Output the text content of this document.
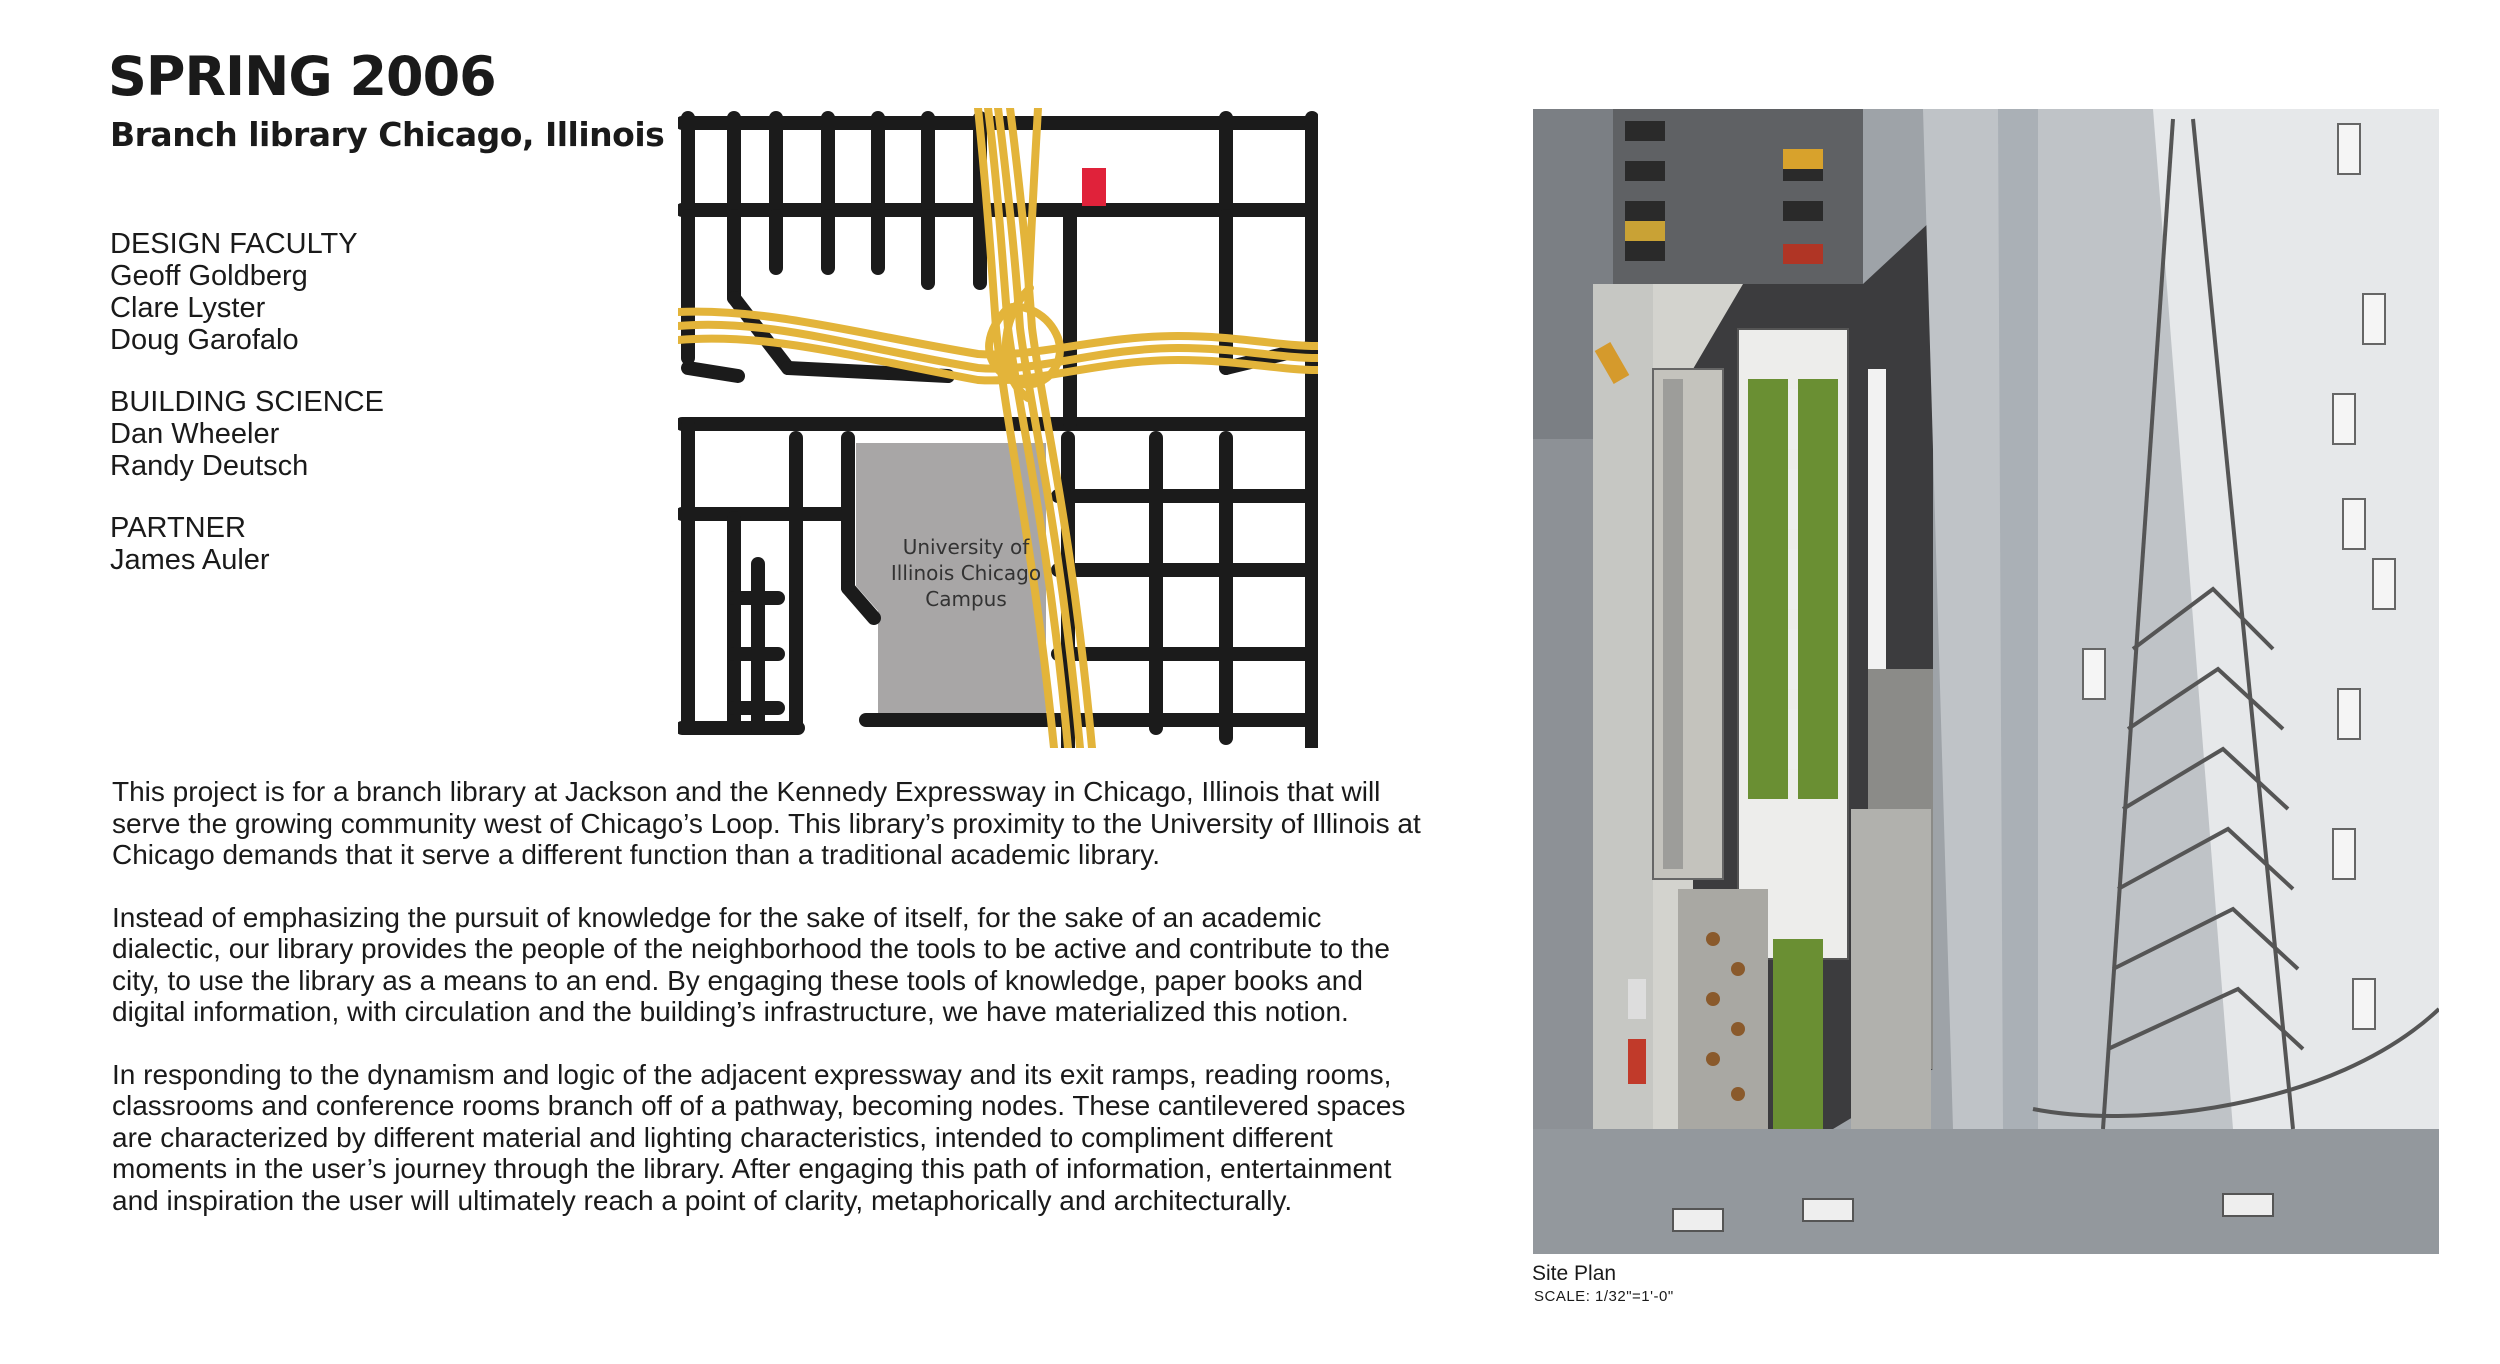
SPRING 2006
Branch library Chicago, Illinois
DESIGN FACULTY
Geoff Goldberg
Clare Lyster
Doug Garofalo
BUILDING SCIENCE
Dan Wheeler
Randy Deutsch
PARTNER
James Auler	University of
Illinois Chicago
Campus

This project is for a branch library at Jackson and the Kennedy Expressway in Chicago, Illinois that will serve the growing community west of Chicago’s Loop. This library’s proximity to the University of Illinois at Chicago demands that it serve a different function than a traditional academic library.

Instead of emphasizing the pursuit of knowledge for the sake of itself, for the sake of an academic dialectic, our library provides the people of the neighborhood the tools to be active and contribute to the city, to use the library as a means to an end. By engaging these tools of knowledge, paper books and digital information, with circulation and the building’s infrastructure, we have materialized this notion.

In responding to the dynamism and logic of the adjacent expressway and its exit ramps, reading rooms, classrooms and conference rooms branch off of a pathway, becoming nodes. These cantilevered spaces are characterized by different material and lighting characteristics, intended to compliment different moments in the user’s journey through the library. After engaging this path of information, entertainment and inspiration the user will ultimately reach a point of clarity, metaphorically and architecturally.

Site Plan
SCALE: 1/32"=1'-0"
